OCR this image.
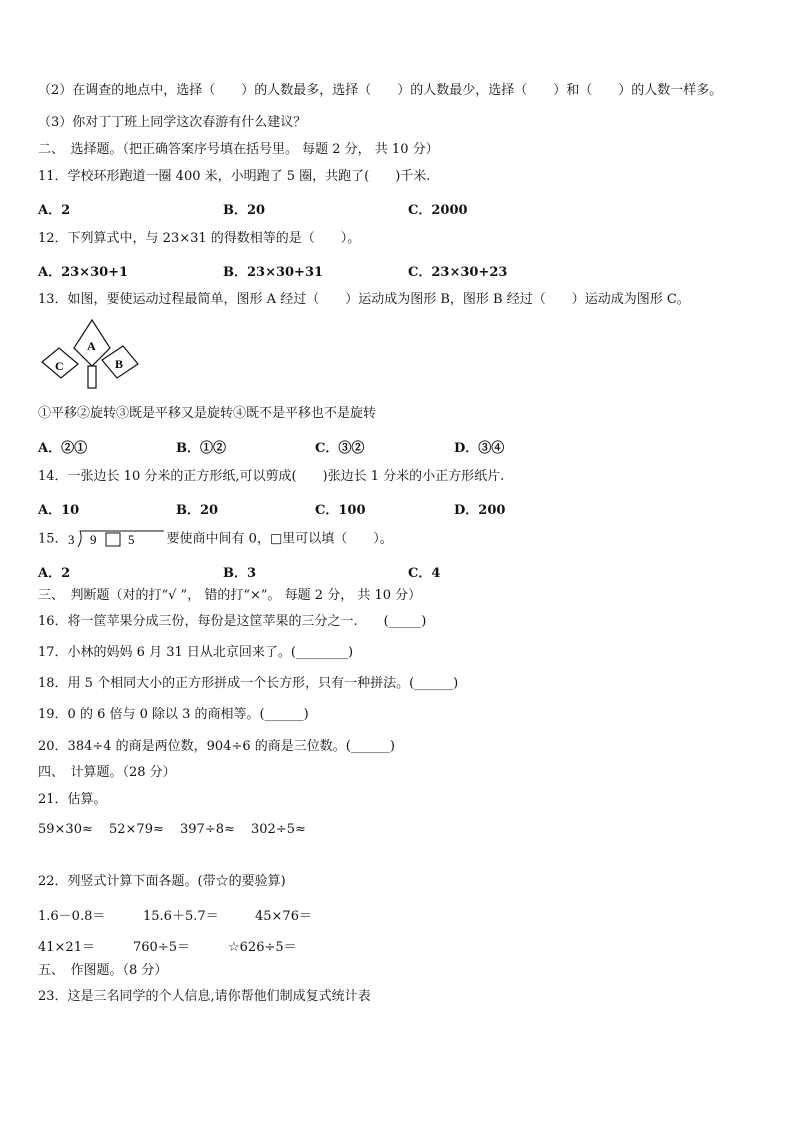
（2）在调查的地点中，选择（　　）的人数最多，选择（　　）的人数最少，选择（　　）和（　　）的人数一样多。
（3）你对丁丁班上同学这次春游有什么建议？
二、　选择题。（把正确答案序号填在括号里。 每题 2 分， 共 10 分）
11．学校环形跑道一圈 400 米，小明跑了 5 圈，共跑了(　　)千米.
A．2	B．20	C．2000
12．下列算式中，与 23×31 的得数相等的是（　　）。
A．23×30+1	B．23×30+31	C．23×30+23
13．如图，要使运动过程最简单，图形 A 经过（　　）运动成为图形 B，图形 B 经过（　　）运动成为图形 C。
A
B
C
①平移②旋转③既是平移又是旋转④既不是平移也不是旋转
A．②①	B．①②	C．③②	D．③④
14．一张边长 10 分米的正方形纸,可以剪成(　　)张边长 1 分米的小正方形纸片.
A．10	B．20	C．100	D．200
15． 3 9 5	要使商中间有 0，□里可以填（　　）。
A．2	B．3	C．4
三、　判断题（对的打“√ ”， 错的打“×”。 每题 2 分， 共 10 分）
16．将一筐苹果分成三份，每份是这筐苹果的三分之一.　　(_____)
17．小林的妈妈 6 月 31 日从北京回来了。(________)
18．用 5 个相同大小的正方形拼成一个长方形，只有一种拼法。(______)
19．0 的 6 倍与 0 除以 3 的商相等。(______)
20．384÷4 的商是两位数，904÷6 的商是三位数。(______)
四、　计算题。（28 分）
21．估算。
59×30≈ 52×79≈ 397÷8≈ 302÷5≈
22．列竖式计算下面各题。(带☆的要验算)
1.6－0.8＝	15.6＋5.7＝	45×76＝
41×21＝	760÷5＝	☆626÷5＝
五、　作图题。（8 分）
23．这是三名同学的个人信息,请你帮他们制成复式统计表
